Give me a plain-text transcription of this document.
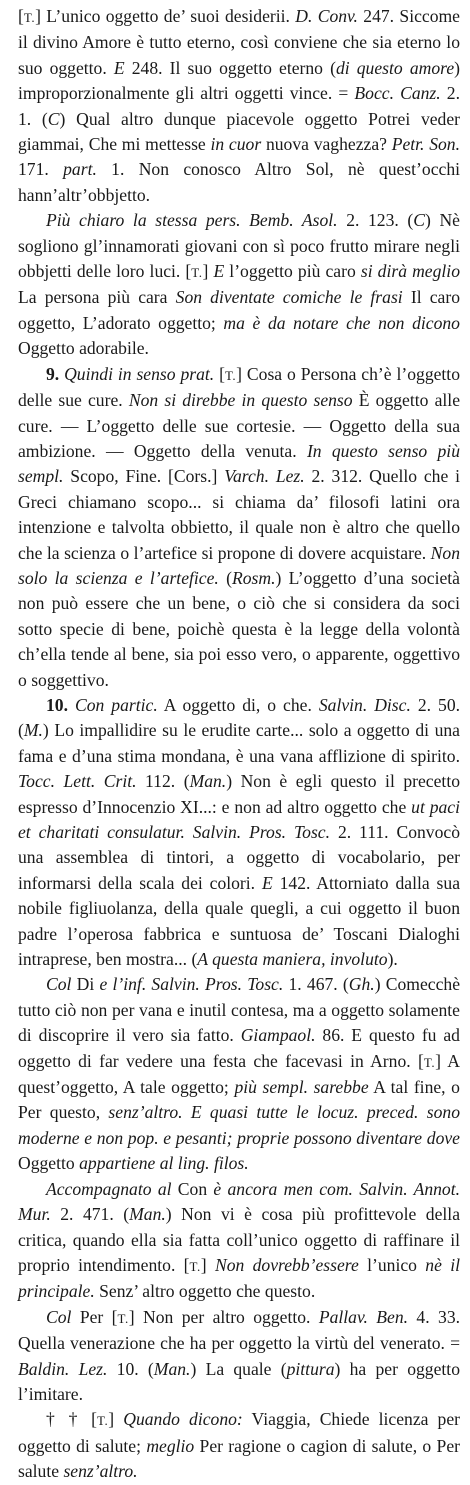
[T.] L’unico oggetto de’ suoi desiderii. D. Conv. 247. Siccome il divino Amore è tutto eterno, così conviene che sia eterno lo suo oggetto. E 248. Il suo oggetto eterno (di questo amore) improporzionalmente gli altri oggetti vince. = Bocc. Canz. 2. 1. (C) Qual altro dunque piacevole oggetto Potrei veder giammai, Che mi mettesse in cuor nuova vaghezza? Petr. Son. 171. part. 1. Non conosco Altro Sol, nè quest’occhi hann’altr’obbjetto.

Più chiaro la stessa pers. Bemb. Asol. 2. 123. (C) Nè sogliono gl’innamorati giovani con sì poco frutto mirare negli obbjetti delle loro luci. [T.] E l’oggetto più caro si dirà meglio La persona più cara Son diventate comiche le frasi Il caro oggetto, L’adorato oggetto; ma è da notare che non dicono Oggetto adorabile.

9. Quindi in senso prat. [T.] Cosa o Persona ch’è l’oggetto delle sue cure. Non si direbbe in questo senso È oggetto alle cure. — L’oggetto delle sue cortesie. — Oggetto della sua ambizione. — Oggetto della venuta. In questo senso più sempl. Scopo, Fine. [Cors.] Varch. Lez. 2. 312. Quello che i Greci chiamano scopo... si chiama da’ filosofi latini ora intenzione e talvolta obbietto, il quale non è altro che quello che la scienza o l’artefice si propone di dovere acquistare. Non solo la scienza e l’artefice. (Rosm.) L’oggetto d’una società non può essere che un bene, o ciò che si considera da soci sotto specie di bene, poichè questa è la legge della volontà ch’ella tende al bene, sia poi esso vero, o apparente, oggettivo o soggettivo.

10. Con partic. A oggetto di, o che. Salvin. Disc. 2. 50. (M.) Lo impallidire su le erudite carte... solo a oggetto di una fama e d’una stima mondana, è una vana afflizione di spirito. Tocc. Lett. Crit. 112. (Man.) Non è egli questo il precetto espresso d’Innocenzio XI...: e non ad altro oggetto che ut paci et charitati consulatur. Salvin. Pros. Tosc. 2. 111. Convocò una assemblea di tintori, a oggetto di vocabolario, per informarsi della scala dei colori. E 142. Attorniato dalla sua nobile figliuolanza, della quale quegli, a cui oggetto il buon padre l’operosa fabbrica e suntuosa de’ Toscani Dialoghi intraprese, ben mostra... (A questa maniera, involuto).

Col Di e l’inf. Salvin. Pros. Tosc. 1. 467. (Gh.) Comecchè tutto ciò non per vana e inutil contesa, ma a oggetto solamente di discoprire il vero sia fatto. Giampaol. 86. E questo fu ad oggetto di far vedere una festa che facevasi in Arno. [T.] A quest’oggetto, A tale oggetto; più sempl. sarebbe A tal fine, o Per questo, senz’altro. E quasi tutte le locuz. preced. sono moderne e non pop. e pesanti; proprie possono diventare dove Oggetto appartiene al ling. filos.

Accompagnato al Con è ancora men com. Salvin. Annot. Mur. 2. 471. (Man.) Non vi è cosa più profittevole della critica, quando ella sia fatta coll’unico oggetto di raffinare il proprio intendimento. [T.] Non dovrebb’essere l’unico nè il principale. Senz’ altro oggetto che questo.

Col Per [T.] Non per altro oggetto. Pallav. Ben. 4. 33. Quella venerazione che ha per oggetto la virtù del venerato. = Baldin. Lez. 10. (Man.) La quale (pittura) ha per oggetto l’imitare.

† † [T.] Quando dicono: Viaggia, Chiede licenza per oggetto di salute; meglio Per ragione o cagion di salute, o Per salute senz’altro.
